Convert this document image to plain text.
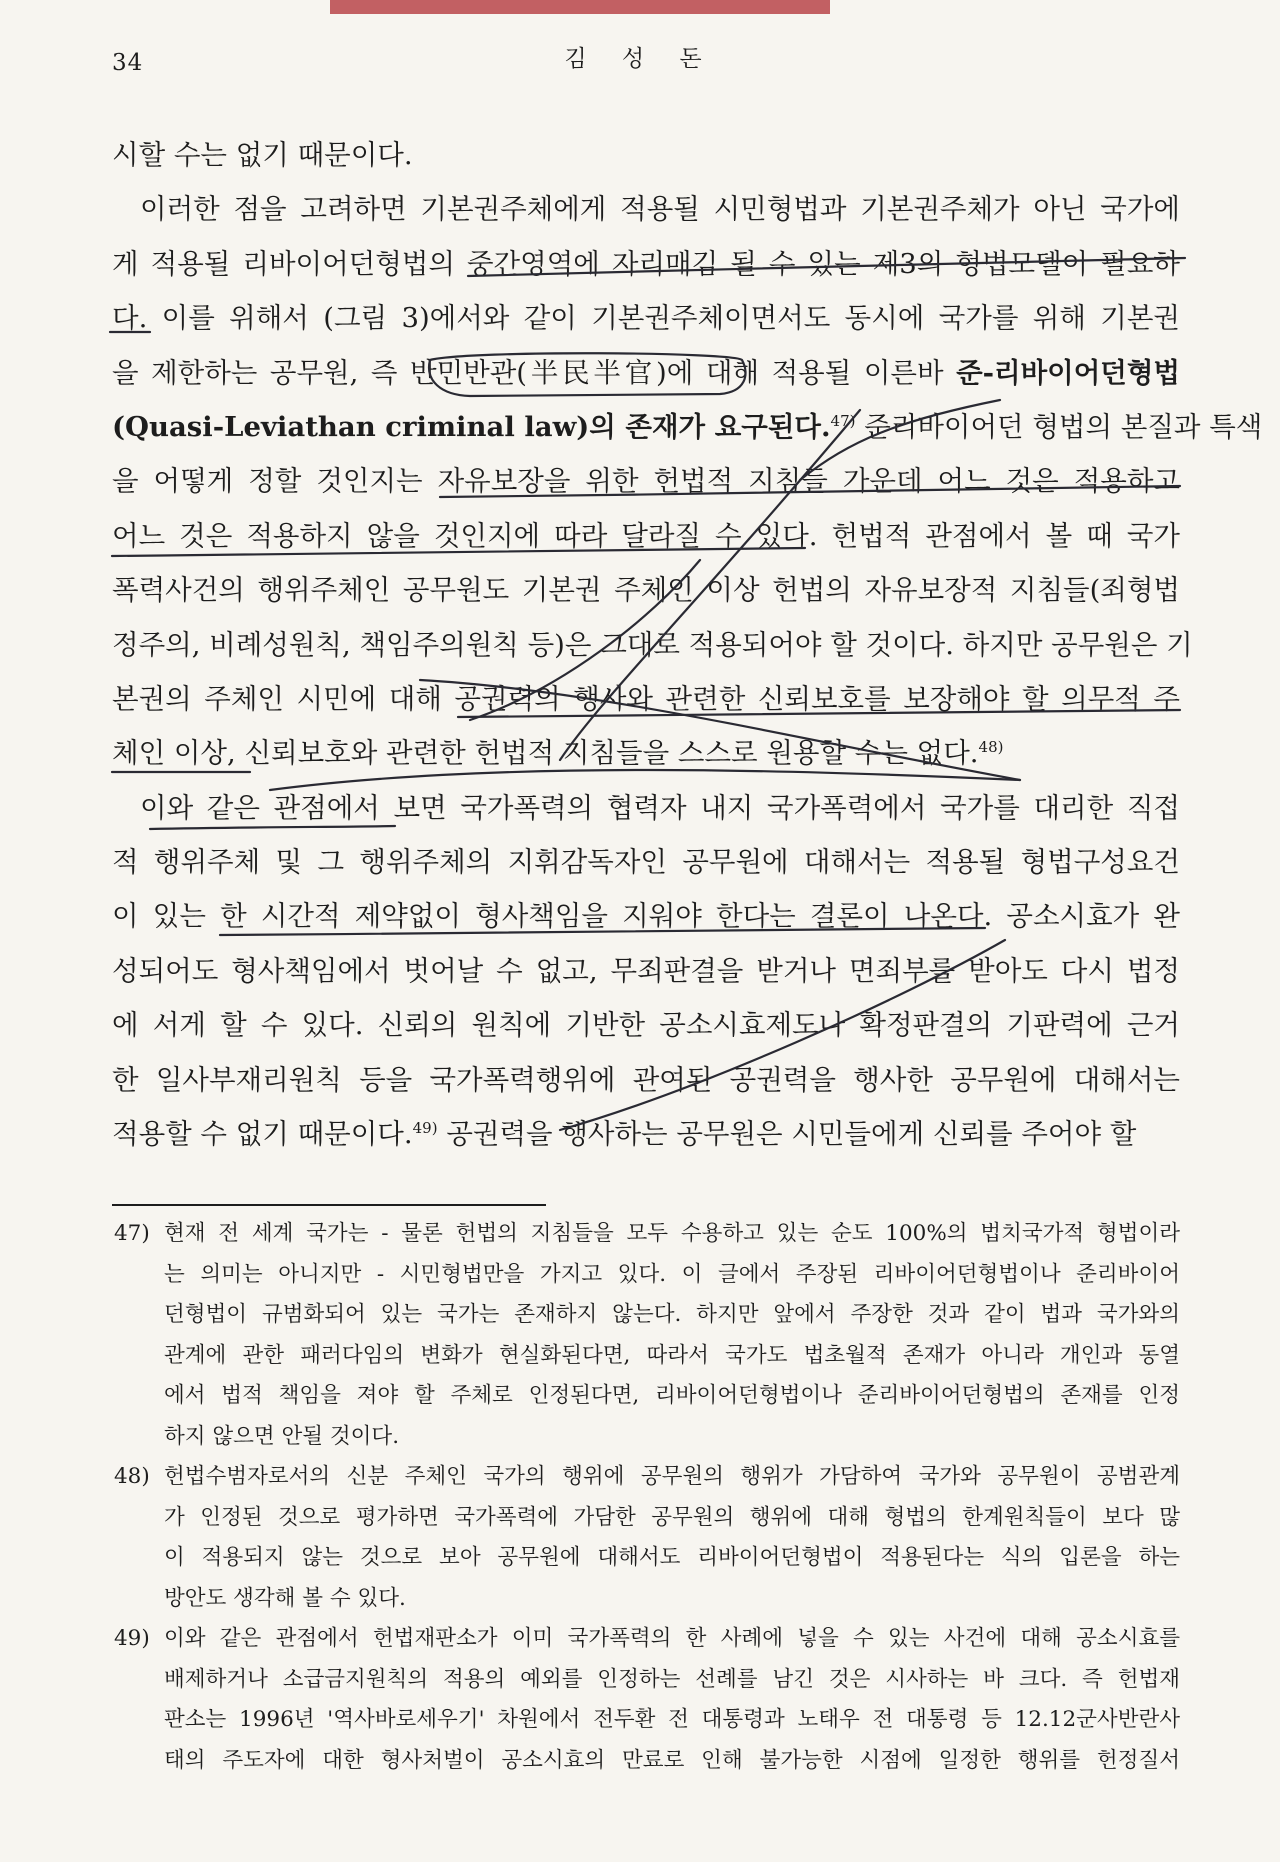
34	김 성 돈
시할 수는 없기 때문이다.
이러한 점을 고려하면 기본권주체에게 적용될 시민형법과 기본권주체가 아닌 국가에
게 적용될 리바이어던형법의 중간영역에 자리매김 될 수 있는 제3의 형법모델이 필요하
다. 이를 위해서 (그림 3)에서와 같이 기본권주체이면서도 동시에 국가를 위해 기본권
을 제한하는 공무원, 즉 반민반관(半民半官)에 대해 적용될 이른바 준-리바이어던형법
(Quasi-Leviathan criminal law)의 존재가 요구된다.$^{47)}$ 준리바이어던 형법의 본질과 특색
을 어떻게 정할 것인지는 자유보장을 위한 헌법적 지침들 가운데 어느 것은 적용하고
어느 것은 적용하지 않을 것인지에 따라 달라질 수 있다. 헌법적 관점에서 볼 때 국가
폭력사건의 행위주체인 공무원도 기본권 주체인 이상 헌법의 자유보장적 지침들(죄형법
정주의, 비례성원칙, 책임주의원칙 등)은 그대로 적용되어야 할 것이다. 하지만 공무원은 기
본권의 주체인 시민에 대해 공권력의 행사와 관련한 신뢰보호를 보장해야 할 의무적 주
체인 이상, 신뢰보호와 관련한 헌법적 지침들을 스스로 원용할 수는 없다.$^{48)}$
이와 같은 관점에서 보면 국가폭력의 협력자 내지 국가폭력에서 국가를 대리한 직접
적 행위주체 및 그 행위주체의 지휘감독자인 공무원에 대해서는 적용될 형법구성요건
이 있는 한 시간적 제약없이 형사책임을 지워야 한다는 결론이 나온다. 공소시효가 완
성되어도 형사책임에서 벗어날 수 없고, 무죄판결을 받거나 면죄부를 받아도 다시 법정
에 서게 할 수 있다. 신뢰의 원칙에 기반한 공소시효제도나 확정판결의 기판력에 근거
한 일사부재리원칙 등을 국가폭력행위에 관여된 공권력을 행사한 공무원에 대해서는
적용할 수 없기 때문이다.$^{49)}$ 공권력을 행사하는 공무원은 시민들에게 신뢰를 주어야 할
47) 현재 전 세계 국가는 - 물론 헌법의 지침들을 모두 수용하고 있는 순도 100%의 법치국가적 형법이라
는 의미는 아니지만 - 시민형법만을 가지고 있다. 이 글에서 주장된 리바이어던형법이나 준리바이어
던형법이 규범화되어 있는 국가는 존재하지 않는다. 하지만 앞에서 주장한 것과 같이 법과 국가와의
관계에 관한 패러다임의 변화가 현실화된다면, 따라서 국가도 법초월적 존재가 아니라 개인과 동열
에서 법적 책임을 져야 할 주체로 인정된다면, 리바이어던형법이나 준리바이어던형법의 존재를 인정
하지 않으면 안될 것이다.
48) 헌법수범자로서의 신분 주체인 국가의 행위에 공무원의 행위가 가담하여 국가와 공무원이 공범관계
가 인정된 것으로 평가하면 국가폭력에 가담한 공무원의 행위에 대해 형법의 한계원칙들이 보다 많
이 적용되지 않는 것으로 보아 공무원에 대해서도 리바이어던형법이 적용된다는 식의 입론을 하는
방안도 생각해 볼 수 있다.
49) 이와 같은 관점에서 헌법재판소가 이미 국가폭력의 한 사례에 넣을 수 있는 사건에 대해 공소시효를
배제하거나 소급금지원칙의 적용의 예외를 인정하는 선례를 남긴 것은 시사하는 바 크다. 즉 헌법재
판소는 1996년 '역사바로세우기' 차원에서 전두환 전 대통령과 노태우 전 대통령 등 12.12군사반란사
태의 주도자에 대한 형사처벌이 공소시효의 만료로 인해 불가능한 시점에 일정한 행위를 헌정질서
